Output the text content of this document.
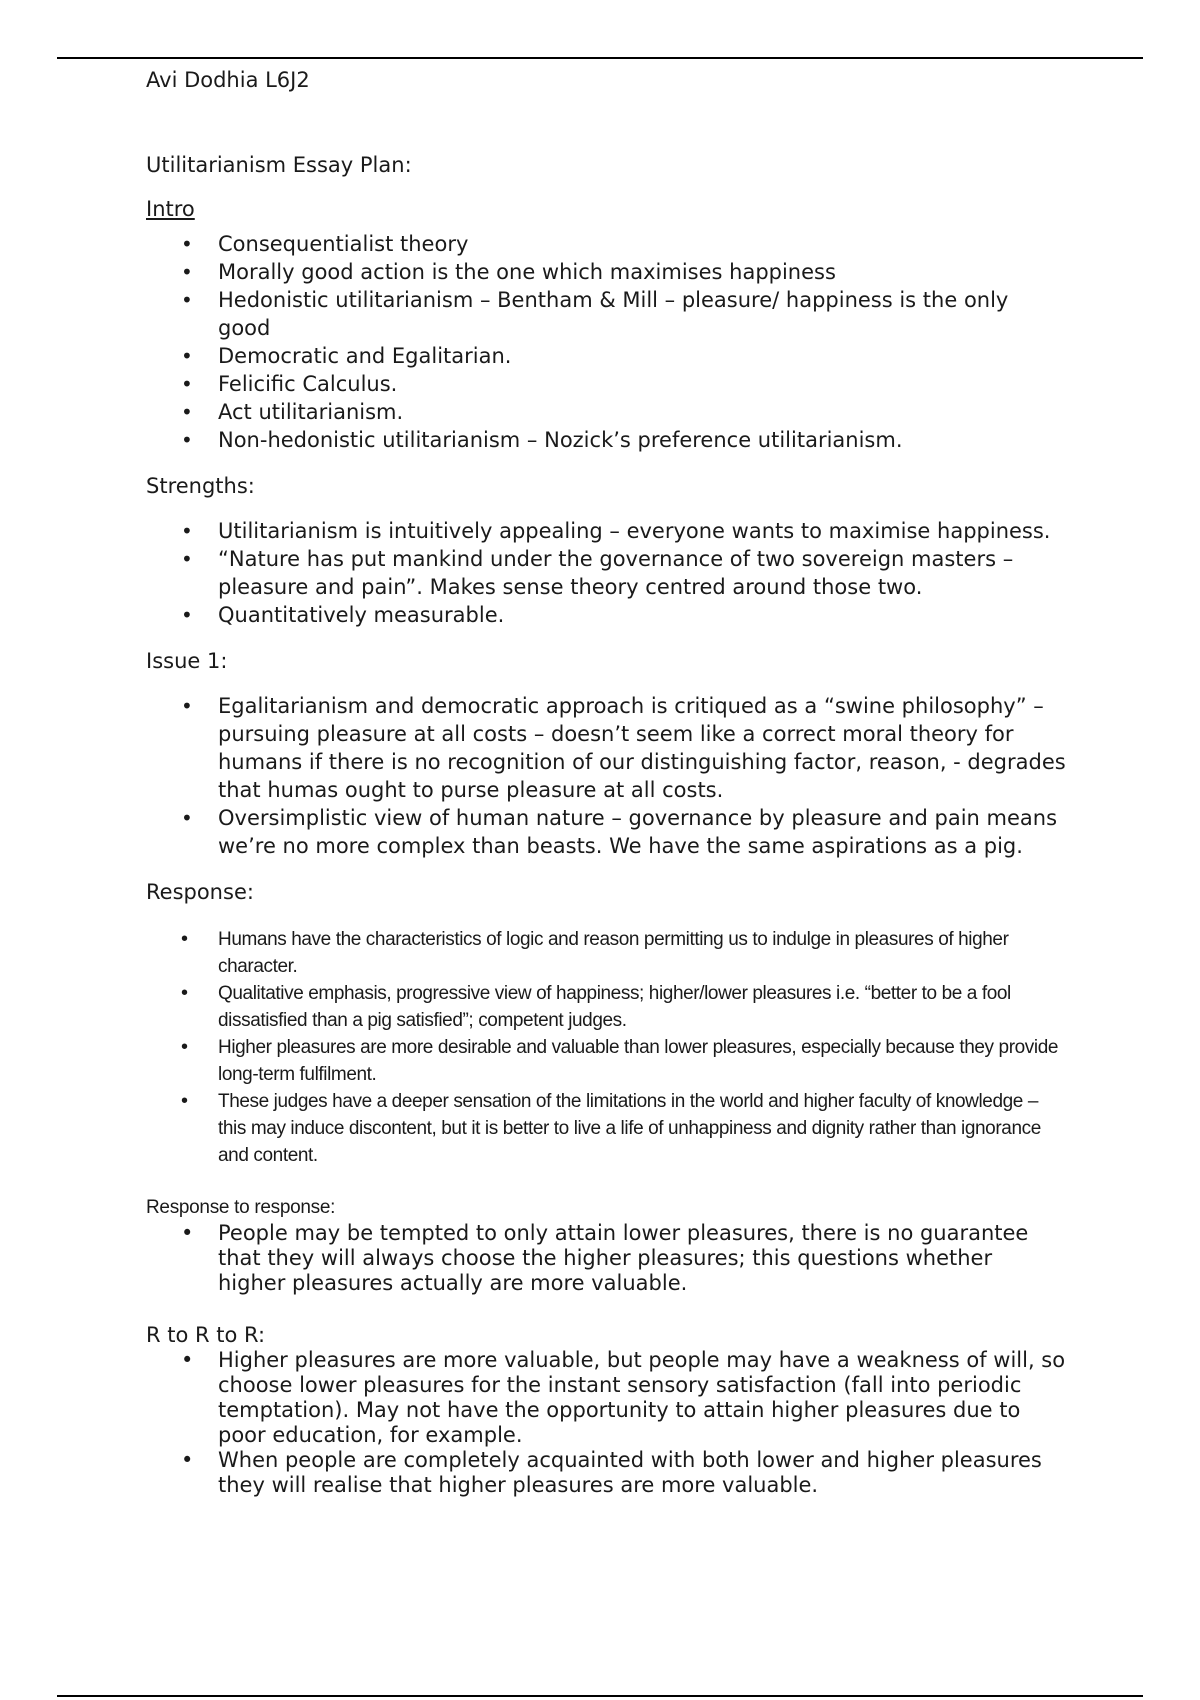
Avi Dodhia L6J2

Utilitarianism Essay Plan:

Intro

• Consequentialist theory
• Morally good action is the one which maximises happiness
• Hedonistic utilitarianism – Bentham & Mill – pleasure/ happiness is the only good
• Democratic and Egalitarian.
• Felicific Calculus.
• Act utilitarianism.
• Non-hedonistic utilitarianism – Nozick’s preference utilitarianism.

Strengths:

• Utilitarianism is intuitively appealing – everyone wants to maximise happiness.
• “Nature has put mankind under the governance of two sovereign masters – pleasure and pain”. Makes sense theory centred around those two.
• Quantitatively measurable.

Issue 1:

• Egalitarianism and democratic approach is critiqued as a “swine philosophy” – pursuing pleasure at all costs – doesn’t seem like a correct moral theory for humans if there is no recognition of our distinguishing factor, reason, - degrades that humas ought to purse pleasure at all costs.
• Oversimplistic view of human nature – governance by pleasure and pain means we’re no more complex than beasts. We have the same aspirations as a pig.

Response:

• Humans have the characteristics of logic and reason permitting us to indulge in pleasures of higher character.
• Qualitative emphasis, progressive view of happiness; higher/lower pleasures i.e. “better to be a fool dissatisfied than a pig satisfied”; competent judges.
• Higher pleasures are more desirable and valuable than lower pleasures, especially because they provide long-term fulfilment.
• These judges have a deeper sensation of the limitations in the world and higher faculty of knowledge – this may induce discontent, but it is better to live a life of unhappiness and dignity rather than ignorance and content.

Response to response:

• People may be tempted to only attain lower pleasures, there is no guarantee that they will always choose the higher pleasures; this questions whether higher pleasures actually are more valuable.

R to R to R:

• Higher pleasures are more valuable, but people may have a weakness of will, so choose lower pleasures for the instant sensory satisfaction (fall into periodic temptation). May not have the opportunity to attain higher pleasures due to poor education, for example.
• When people are completely acquainted with both lower and higher pleasures they will realise that higher pleasures are more valuable.
